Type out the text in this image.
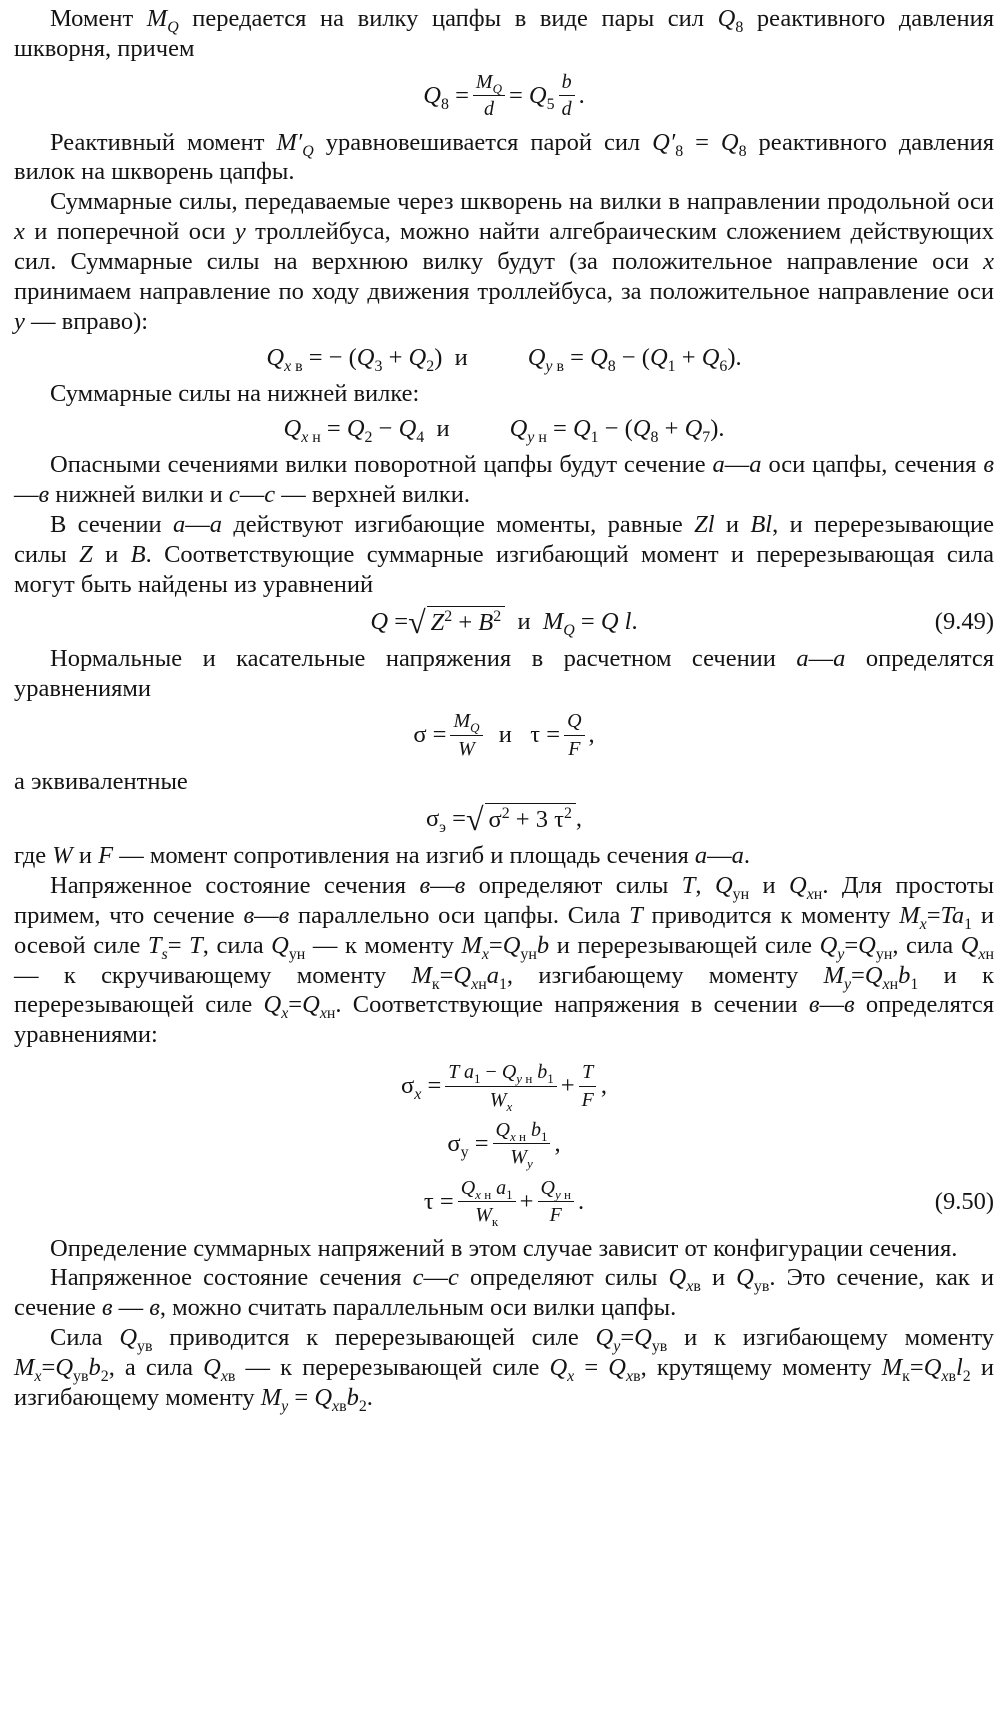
Момент $M_Q$ передается на вилку цапфы в виде пары сил $Q_8$ реактивного давления шкворня, причем

$Q_8 = \frac{M_Q}{d} = Q_5 \frac{b}{d}$ .

Реактивный момент $M'_Q$ уравновешивается парой сил $Q'_8 = Q_8$ реактивного давления вилок на шкворень цапфы.

Суммарные силы, передаваемые через шкворень на вилки в направлении продольной оси x и поперечной оси y троллейбуса, можно найти алгебраическим сложением действующих сил. Суммарные силы на верхнюю вилку будут (за положительное направление оси x принимаем направление по ходу движения троллейбуса, за положительное направление оси y — вправо):

$Q_{x в}$ = − $(Q_3 + Q_2)$  и $Q_{y в} = Q_8 - (Q_1 + Q_6)$.

Суммарные силы на нижней вилке:

$Q_{x н} = Q_2 - Q_4$  и $Q_{y н} = Q_1 - (Q_8 + Q_7)$.

Опасными сечениями вилки поворотной цапфы будут сечение a—a оси цапфы, сечения в—в нижней вилки и с—с — верхней вилки.

В сечении a—a действуют изгибающие моменты, равные Zl и Bl, и перерезывающие силы Z и B. Соответствующие суммарные изгибающий момент и перерезывающая сила могут быть найдены из уравнений

Q = √ $Z^2 + B^2$ и  $M_Q = Q$ l.	(9.49)

Нормальные и касательные напряжения в расчетном сечении a—a определятся уравнениями

$\sigma = \frac{M_Q}{W}$ и   $\tau = \frac{Q}{F}$ ,

а эквивалентные

$\sigma_э$ = √ $\sigma^2 + 3$ $\tau^2$ ,

где W и F — момент сопротивления на изгиб и площадь сечения a—a.

Напряженное состояние сечения в—в определяют силы T, $Q_{yн}$ и $Q_{xн}$. Для простоты примем, что сечение в—в параллельно оси цапфы. Сила T приводится к моменту $M_x=Ta_1$ и осевой силе $T_s= T$, сила $Q_{yн}$ — к моменту $M_x=Q_{yн}b$ и перерезывающей силе $Q_y=Q_{yн}$, сила $Q_{xн}$ — к скручивающему моменту $M_к=Q_{xн}a_1$, изгибающему моменту $M_y=Q_{xн}b_1$ и к перерезывающей силе $Q_x=Q_{xн}$. Соответствующие напряжения в сечении в—в определятся уравнениями:

$\sigma_x = \frac{T a_1 - Q_{y н} b_1}{W_x} + \frac{T}{F}$ ,
$\sigma_y = \frac{Q_{x н} b_1}{W_y}$ ,
$\tau = \frac{Q_{x н} a_1}{W_к} + \frac{Q_{y н}}{F}$ .	(9.50)

Определение суммарных напряжений в этом случае зависит от конфигурации сечения.

Напряженное состояние сечения с—с определяют силы $Q_{xв}$ и $Q_{yв}$. Это сечение, как и сечение в — в, можно считать параллельным оси вилки цапфы.

Сила $Q_{yв}$ приводится к перерезывающей силе $Q_y=Q_{yв}$ и к изгибающему моменту $M_x=Q_{yв}b_2$, а сила $Q_{xв}$ — к перерезывающей силе $Q_x = Q_{xв}$, крутящему моменту $M_к=Q_{xв}l_2$ и изгибающему моменту $M_y = Q_{xв}b_2$.
